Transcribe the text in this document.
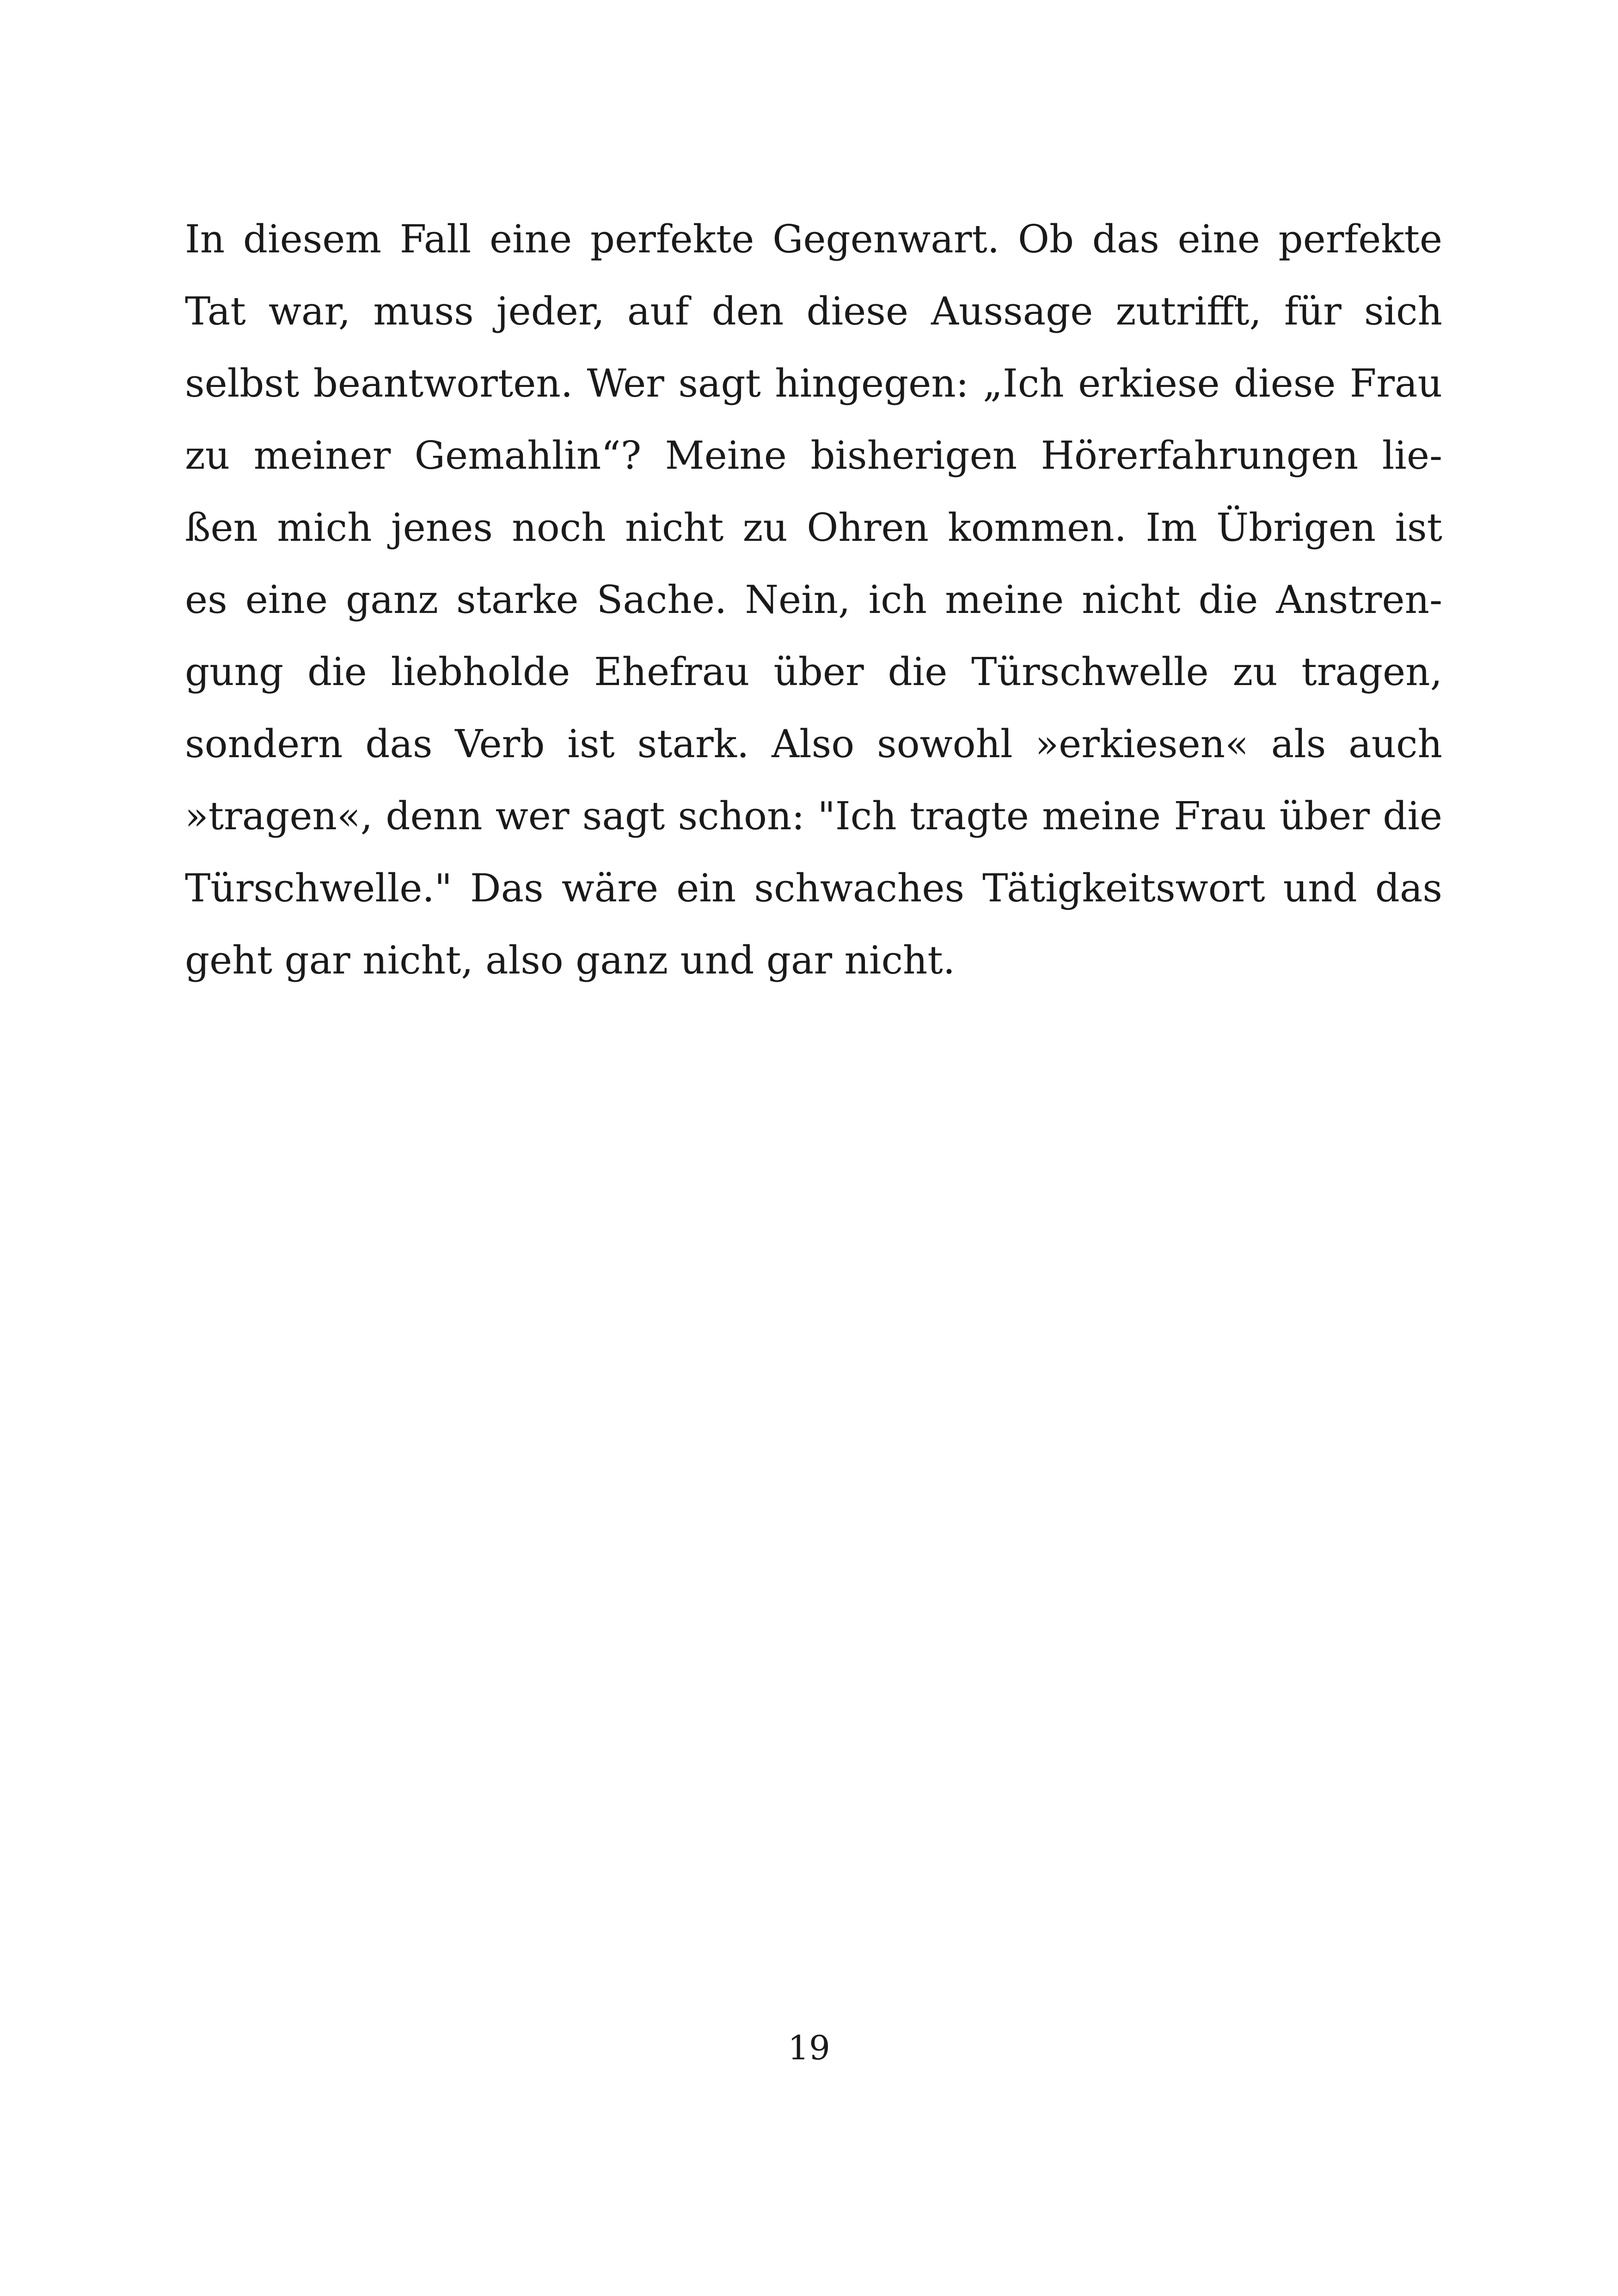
In diesem Fall eine perfekte Gegenwart. Ob das eine perfekte
Tat war, muss jeder, auf den diese Aussage zutrifft, für sich
selbst beantworten. Wer sagt hingegen: „Ich erkiese diese Frau
zu meiner Gemahlin“? Meine bisherigen Hörerfahrungen lie-
ßen mich jenes noch nicht zu Ohren kommen. Im Übrigen ist
es eine ganz starke Sache. Nein, ich meine nicht die Anstren-
gung die liebholde Ehefrau über die Türschwelle zu tragen,
sondern das Verb ist stark. Also sowohl »erkiesen« als auch
»tragen«, denn wer sagt schon: "Ich tragte meine Frau über die
Türschwelle." Das wäre ein schwaches Tätigkeitswort und das
geht gar nicht, also ganz und gar nicht.
19
